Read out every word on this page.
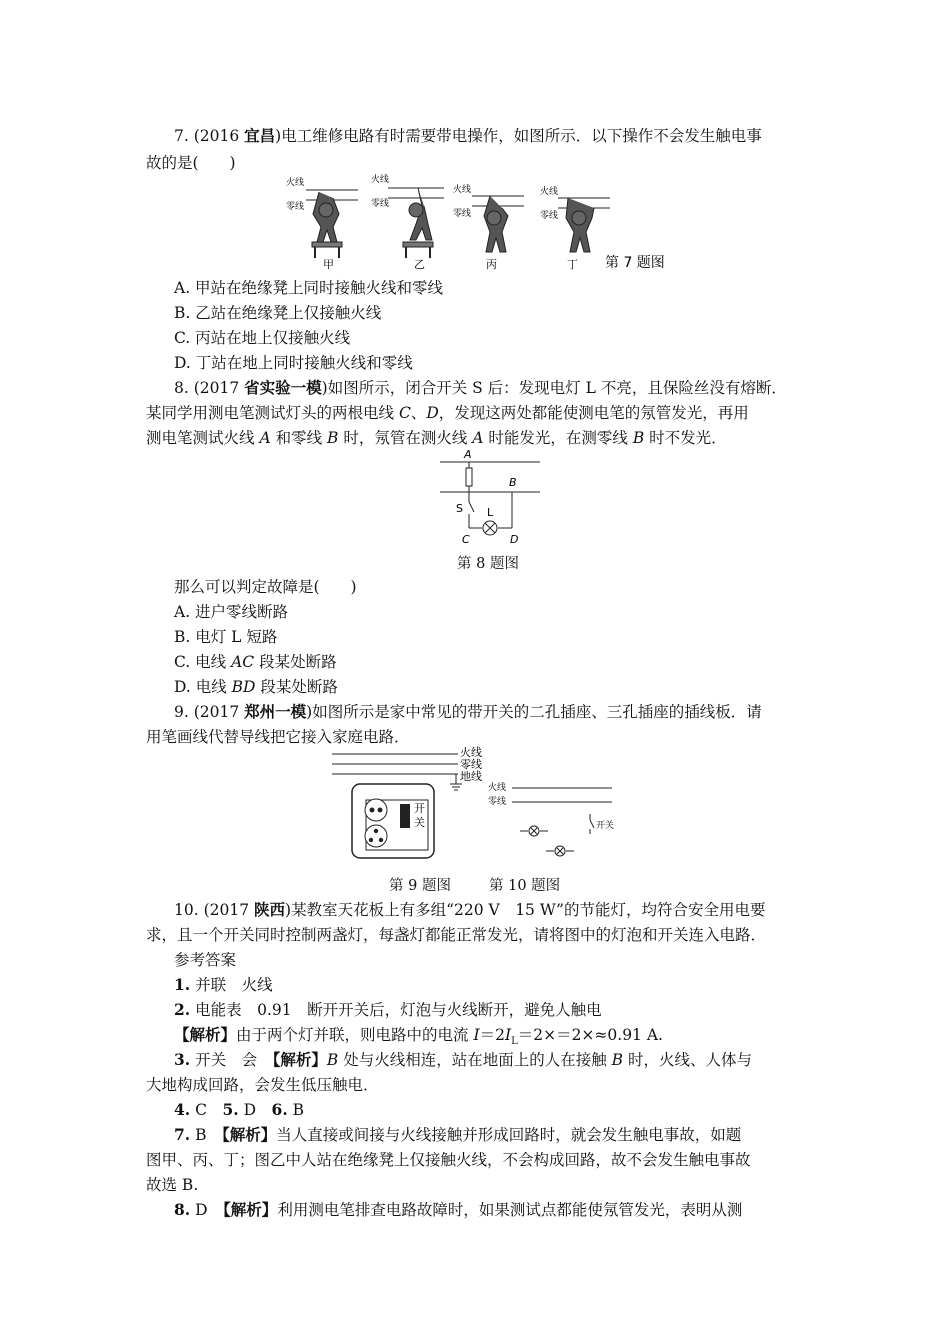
7. (2016 宜昌)电工维修电路有时需要带电操作，如图所示．以下操作不会发生触电事
故的是(　　)
火线
零线
甲
火线
零线
乙
火线
零线
丙
火线
零线
丁 第 7 题图
A. 甲站在绝缘凳上同时接触火线和零线
B. 乙站在绝缘凳上仅接触火线
C. 丙站在地上仅接触火线
D. 丁站在地上同时接触火线和零线
8. (2017 省实验一模)如图所示，闭合开关 S 后：发现电灯 L 不亮，且保险丝没有熔断．
某同学用测电笔测试灯头的两根电线 C、D，发现这两处都能使测电笔的氖管发光，再用
测电笔测试火线 A 和零线 B 时，氖管在测火线 A 时能发光，在测零线 B 时不发光．
A
B
S L
C	D
第 8 题图
那么可以判定故障是(　　)
A. 进户零线断路
B. 电灯 L 短路
C. 电线 AC 段某处断路
D. 电线 BD 段某处断路
9. (2017 郑州一模)如图所示是家中常见的带开关的二孔插座、三孔插座的插线板．请
用笔画线代替导线把它接入家庭电路．
火线
零线
地线
开
关
火线
零线
开关
第 9 题图	第 10 题图
10. (2017 陕西)某教室天花板上有多组“220 V　15 W”的节能灯，均符合安全用电要
求，且一个开关同时控制两盏灯，每盏灯都能正常发光，请将图中的灯泡和开关连入电路．
参考答案
1. 并联　火线
2. 电能表　0.91　断开开关后，灯泡与火线断开，避免人触电
【解析】由于两个灯并联，则电路中的电流 $I=2I_L=2\times=2\times\approx 0.91$ A.
3. 开关　会　【解析】B 处与火线相连，站在地面上的人在接触 B 时，火线、人体与
大地构成回路，会发生低压触电．
4. C　5. D　6. B
7. B　【解析】当人直接或间接与火线接触并形成回路时，就会发生触电事故，如题
图甲、丙、丁；图乙中人站在绝缘凳上仅接触火线，不会构成回路，故不会发生触电事故
故选 B.
8. D　【解析】利用测电笔排查电路故障时，如果测试点都能使氖管发光，表明从测
